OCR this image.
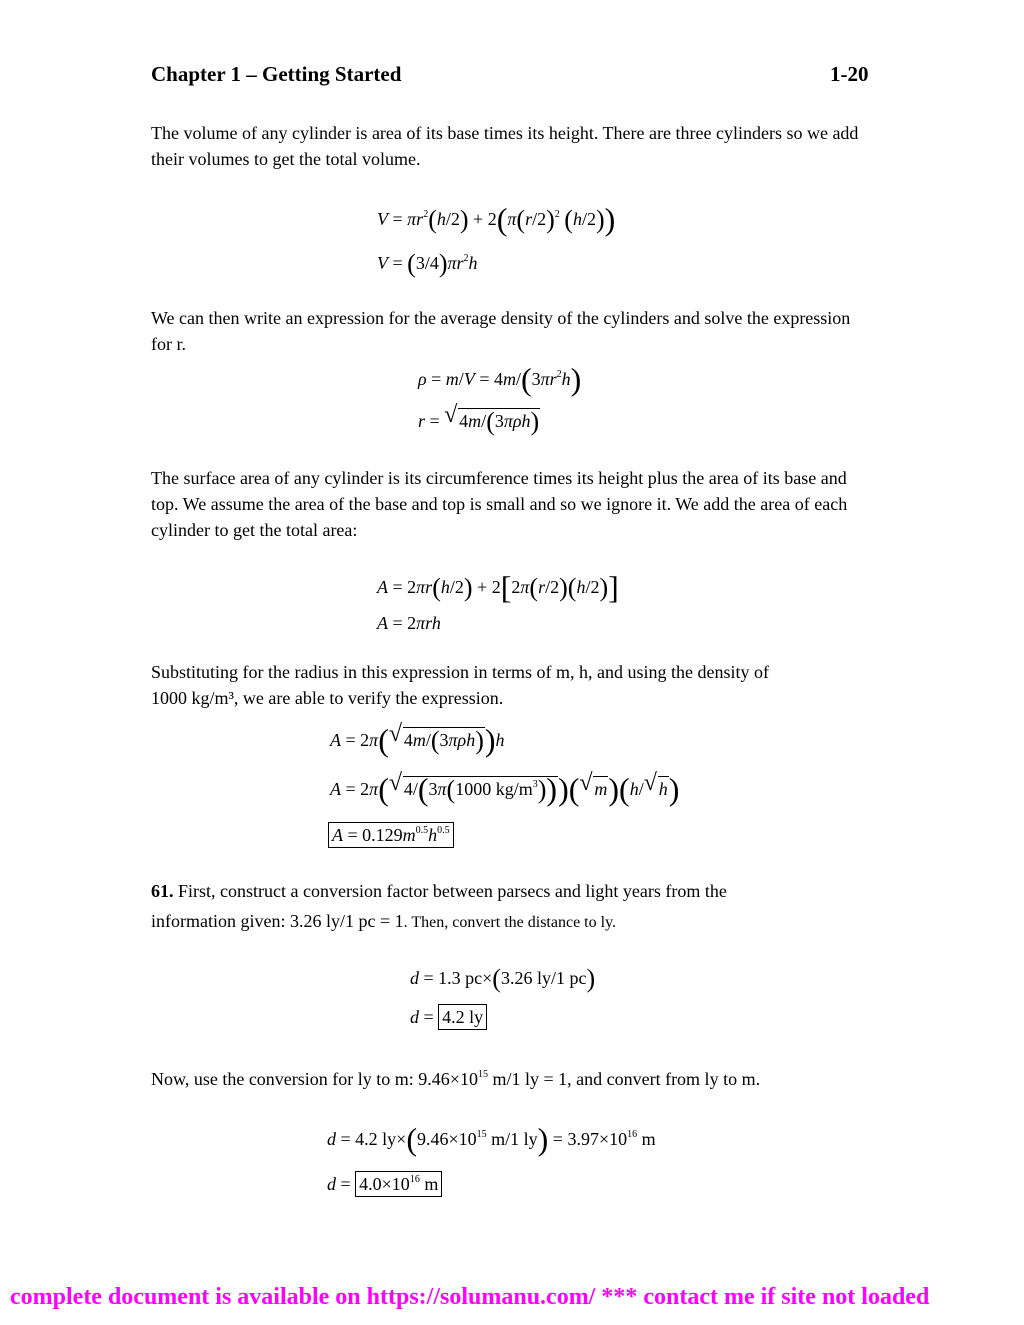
Chapter 1 – Getting Started	1-20
The volume of any cylinder is area of its base times its height. There are three cylinders so we add their volumes to get the total volume.
$V = \pi r^2(h/2) + 2(\pi(r/2)^2$ (h/2))
$V = (3/4)\pi r^2h$
We can then write an expression for the average density of the cylinders and solve the expression for r.
$\rho = m/V = 4m/(3\pi r^2h)$
r = √ 4m/(3πρh)
The surface area of any cylinder is its circumference times its height plus the area of its base and top. We assume the area of the base and top is small and so we ignore it. We add the area of each cylinder to get the total area:
A = 2πr(h/2) + 2[2π(r/2)(h/2)]
A = 2πrh
Substituting for the radius in this expression in terms of m, h, and using the density of
1000 kg/m³, we are able to verify the expression.
A = 2π(√ 4m/(3πρh))h
A = 2π(√ 4/(3π(1000 $kg/m^3)))(√$ m)(h/√ h)
$A = 0.129m^{0.5}h^{0.5}$
61. First, construct a conversion factor between parsecs and light years from the
information given: 3.26 ly/1 pc = 1. Then, convert the distance to ly.
d = 1.3 pc×(3.26 ly/1 pc)
d = 4.2 ly
Now, use the conversion for ly to m: $9.46\times 10^{15}$ m/1 ly = 1, and convert from ly to m.
d = 4.2 $ly\times(9.46\times 10^{15}$ m/1 $ly) = 3.97\times 10^{16}$ m
$d = 4.0\times 10^{16}$ m
complete document is available on https://solumanu.com/ *** contact me if site not loaded
